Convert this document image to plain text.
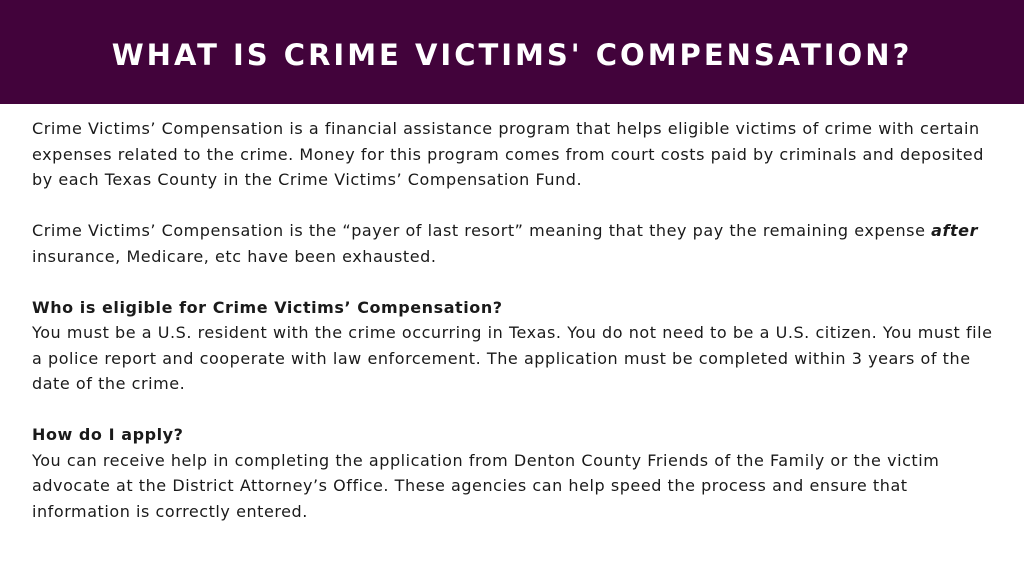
WHAT IS CRIME VICTIMS' COMPENSATION?

Crime Victims’ Compensation is a financial assistance program that helps eligible victims of crime with certain expenses related to the crime. Money for this program comes from court costs paid by criminals and deposited by each Texas County in the Crime Victims’ Compensation Fund.

Crime Victims’ Compensation is the “payer of last resort” meaning that they pay the remaining expense after insurance, Medicare, etc have been exhausted.

Who is eligible for Crime Victims’ Compensation?
You must be a U.S. resident with the crime occurring in Texas. You do not need to be a U.S. citizen. You must file a police report and cooperate with law enforcement. The application must be completed within 3 years of the date of the crime.

How do I apply?
You can receive help in completing the application from Denton County Friends of the Family or the victim advocate at the District Attorney’s Office. These agencies can help speed the process and ensure that information is correctly entered.
